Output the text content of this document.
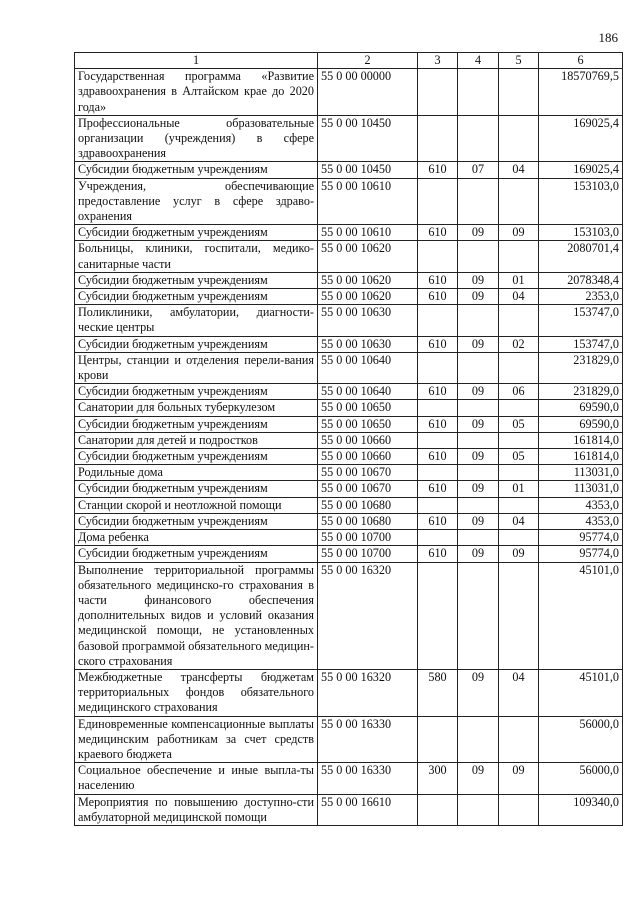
186
1	2	3	4	5	6
Государственная программа «Развитие здравоохранения в Алтайском крае до 2020 года»	55 0 00 00000				18570769,5
Профессиональные образовательные организации (учреждения) в сфере здравоохранения	55 0 00 10450				169025,4
Субсидии бюджетным учреждениям	55 0 00 10450	610	07	04	169025,4
Учреждения, обеспечивающие предоставление услуг в сфере здраво-охранения	55 0 00 10610				153103,0
Субсидии бюджетным учреждениям	55 0 00 10610	610	09	09	153103,0
Больницы, клиники, госпитали, медико-санитарные части	55 0 00 10620				2080701,4
Субсидии бюджетным учреждениям	55 0 00 10620	610	09	01	2078348,4
Субсидии бюджетным учреждениям	55 0 00 10620	610	09	04	2353,0
Поликлиники, амбулатории, диагности-ческие центры	55 0 00 10630				153747,0
Субсидии бюджетным учреждениям	55 0 00 10630	610	09	02	153747,0
Центры, станции и отделения перели-вания крови	55 0 00 10640				231829,0
Субсидии бюджетным учреждениям	55 0 00 10640	610	09	06	231829,0
Санатории для больных туберкулезом	55 0 00 10650				69590,0
Субсидии бюджетным учреждениям	55 0 00 10650	610	09	05	69590,0
Санатории для детей и подростков	55 0 00 10660				161814,0
Субсидии бюджетным учреждениям	55 0 00 10660	610	09	05	161814,0
Родильные дома	55 0 00 10670				113031,0
Субсидии бюджетным учреждениям	55 0 00 10670	610	09	01	113031,0
Станции скорой и неотложной помощи	55 0 00 10680				4353,0
Субсидии бюджетным учреждениям	55 0 00 10680	610	09	04	4353,0
Дома ребенка	55 0 00 10700				95774,0
Субсидии бюджетным учреждениям	55 0 00 10700	610	09	09	95774,0
Выполнение территориальной программы обязательного медицинско-го страхования в части финансового обеспечения дополнительных видов и условий оказания медицинской помощи, не установленных базовой программой обязательного медицин-ского страхования	55 0 00 16320				45101,0
Межбюджетные трансферты бюджетам территориальных фондов обязательного медицинского страхования	55 0 00 16320	580	09	04	45101,0
Единовременные компенсационные выплаты медицинским работникам за счет средств краевого бюджета	55 0 00 16330				56000,0
Социальное обеспечение и иные выпла-ты населению	55 0 00 16330	300	09	09	56000,0
Мероприятия по повышению доступно-сти амбулаторной медицинской помощи	55 0 00 16610				109340,0
